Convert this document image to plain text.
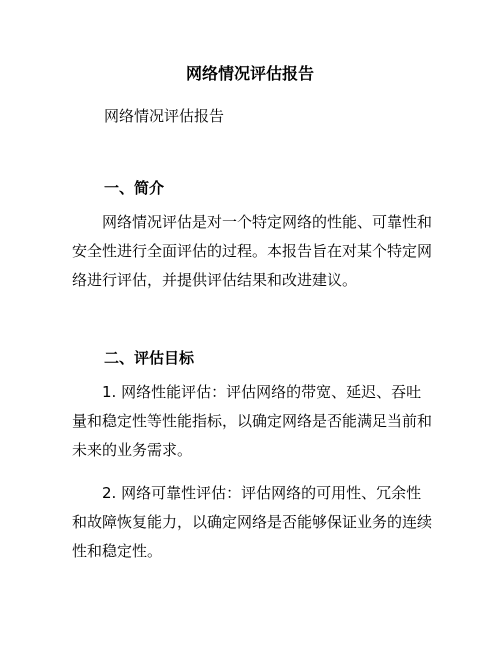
网络情况评估报告

网络情况评估报告

一、简介

网络情况评估是对一个特定网络的性能、可靠性和安全性进行全面评估的过程。本报告旨在对某个特定网络进行评估，并提供评估结果和改进建议。

二、评估目标

1. 网络性能评估：评估网络的带宽、延迟、吞吐量和稳定性等性能指标，以确定网络是否能满足当前和未来的业务需求。

2. 网络可靠性评估：评估网络的可用性、冗余性和故障恢复能力，以确定网络是否能够保证业务的连续性和稳定性。
